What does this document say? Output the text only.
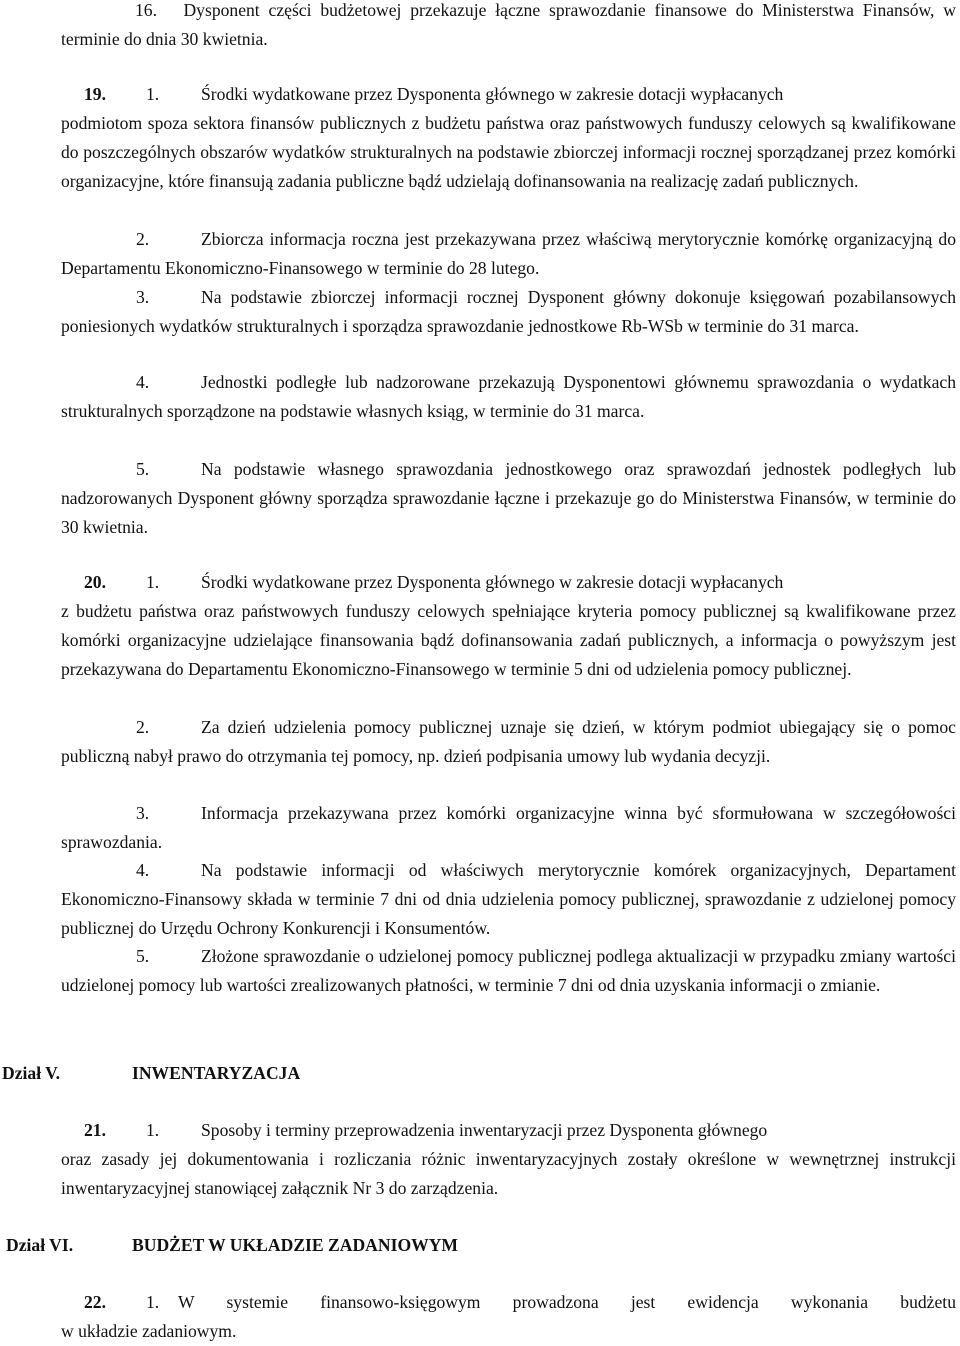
16.   Dysponent części budżetowej przekazuje łączne sprawozdanie finansowe do Ministerstwa Finansów, w terminie do dnia 30 kwietnia.

19. 1. Środki wydatkowane przez Dysponenta głównego w zakresie dotacji wypłacanych
podmiotom spoza sektora finansów publicznych z budżetu państwa oraz państwowych funduszy celowych są kwalifikowane do poszczególnych obszarów wydatków strukturalnych na podstawie zbiorczej informacji rocznej sporządzanej przez komórki organizacyjne, które finansują zadania publiczne bądź udzielają dofinansowania na realizację zadań publicznych.
2.	Zbiorcza informacja roczna jest przekazywana przez właściwą merytorycznie komórkę organizacyjną do Departamentu Ekonomiczno-Finansowego w terminie do 28 lutego.
3.	Na podstawie zbiorczej informacji rocznej Dysponent główny dokonuje księgowań pozabilansowych poniesionych wydatków strukturalnych i sporządza sprawozdanie jednostkowe Rb-WSb w terminie do 31 marca.
4.	Jednostki podległe lub nadzorowane przekazują Dysponentowi głównemu sprawozdania o wydatkach strukturalnych sporządzone na podstawie własnych ksiąg, w terminie do 31 marca.
5.	Na podstawie własnego sprawozdania jednostkowego oraz sprawozdań jednostek podległych lub nadzorowanych Dysponent główny sporządza sprawozdanie łączne i przekazuje go do Ministerstwa Finansów, w terminie do 30 kwietnia.
20. 1. Środki wydatkowane przez Dysponenta głównego w zakresie dotacji wypłacanych
z budżetu państwa oraz państwowych funduszy celowych spełniające kryteria pomocy publicznej są kwalifikowane przez komórki organizacyjne udzielające finansowania bądź dofinansowania zadań publicznych, a informacja o powyższym jest przekazywana do Departamentu Ekonomiczno-Finansowego w terminie 5 dni od udzielenia pomocy publicznej.
2.	Za dzień udzielenia pomocy publicznej uznaje się dzień, w którym podmiot ubiegający się o pomoc publiczną nabył prawo do otrzymania tej pomocy, np. dzień podpisania umowy lub wydania decyzji.
3.	Informacja przekazywana przez komórki organizacyjne winna być sformułowana w szczegółowości sprawozdania.
4.	Na podstawie informacji od właściwych merytorycznie komórek organizacyjnych, Departament Ekonomiczno-Finansowy składa w terminie 7 dni od dnia udzielenia pomocy publicznej, sprawozdanie z udzielonej pomocy publicznej do Urzędu Ochrony Konkurencji i Konsumentów.
5.	Złożone sprawozdanie o udzielonej pomocy publicznej podlega aktualizacji w przypadku zmiany wartości udzielonej pomocy lub wartości zrealizowanych płatności, w terminie 7 dni od dnia uzyskania informacji o zmianie.
Dział V.	INWENTARYZACJA
21. 1. Sposoby i terminy przeprowadzenia inwentaryzacji przez Dysponenta głównego
oraz zasady jej dokumentowania i rozliczania różnic inwentaryzacyjnych zostały określone w wewnętrznej instrukcji inwentaryzacyjnej stanowiącej załącznik Nr 3 do zarządzenia.
Dział VI.	BUDŻET W UKŁADZIE ZADANIOWYM
22. 1. W systemie finansowo-księgowym prowadzona jest ewidencja wykonania budżetu
w układzie zadaniowym.
